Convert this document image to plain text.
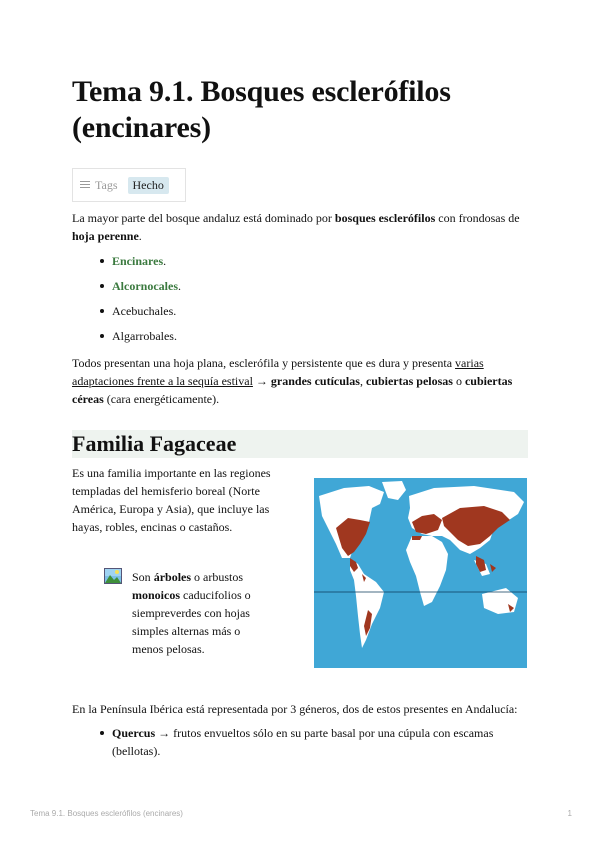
Tema 9.1. Bosques esclerófilos (encinares)
Tags	Hecho

La mayor parte del bosque andaluz está dominado por bosques esclerófilos con frondosas de hoja perenne.

Encinares.
Alcornocales.
Acebuchales.
Algarrobales.

Todos presentan una hoja plana, esclerófila y persistente que es dura y presenta varias adaptaciones frente a la sequía estival → grandes cutículas, cubiertas pelosas o cubiertas céreas (cara energéticamente).

Familia Fagaceae

Es una familia importante en las regiones templadas del hemisferio boreal (Norte América, Europa y Asia), que incluye las hayas, robles, encinas o castaños.

Son árboles o arbustos monoicos caducifolios o siempreverdes con hojas simples alternas más o menos pelosas.

En la Península Ibérica está representada por 3 géneros, dos de estos presentes en Andalucía:

Quercus → frutos envueltos sólo en su parte basal por una cúpula con escamas (bellotas).
Tema 9.1. Bosques esclerófilos (encinares)	1
